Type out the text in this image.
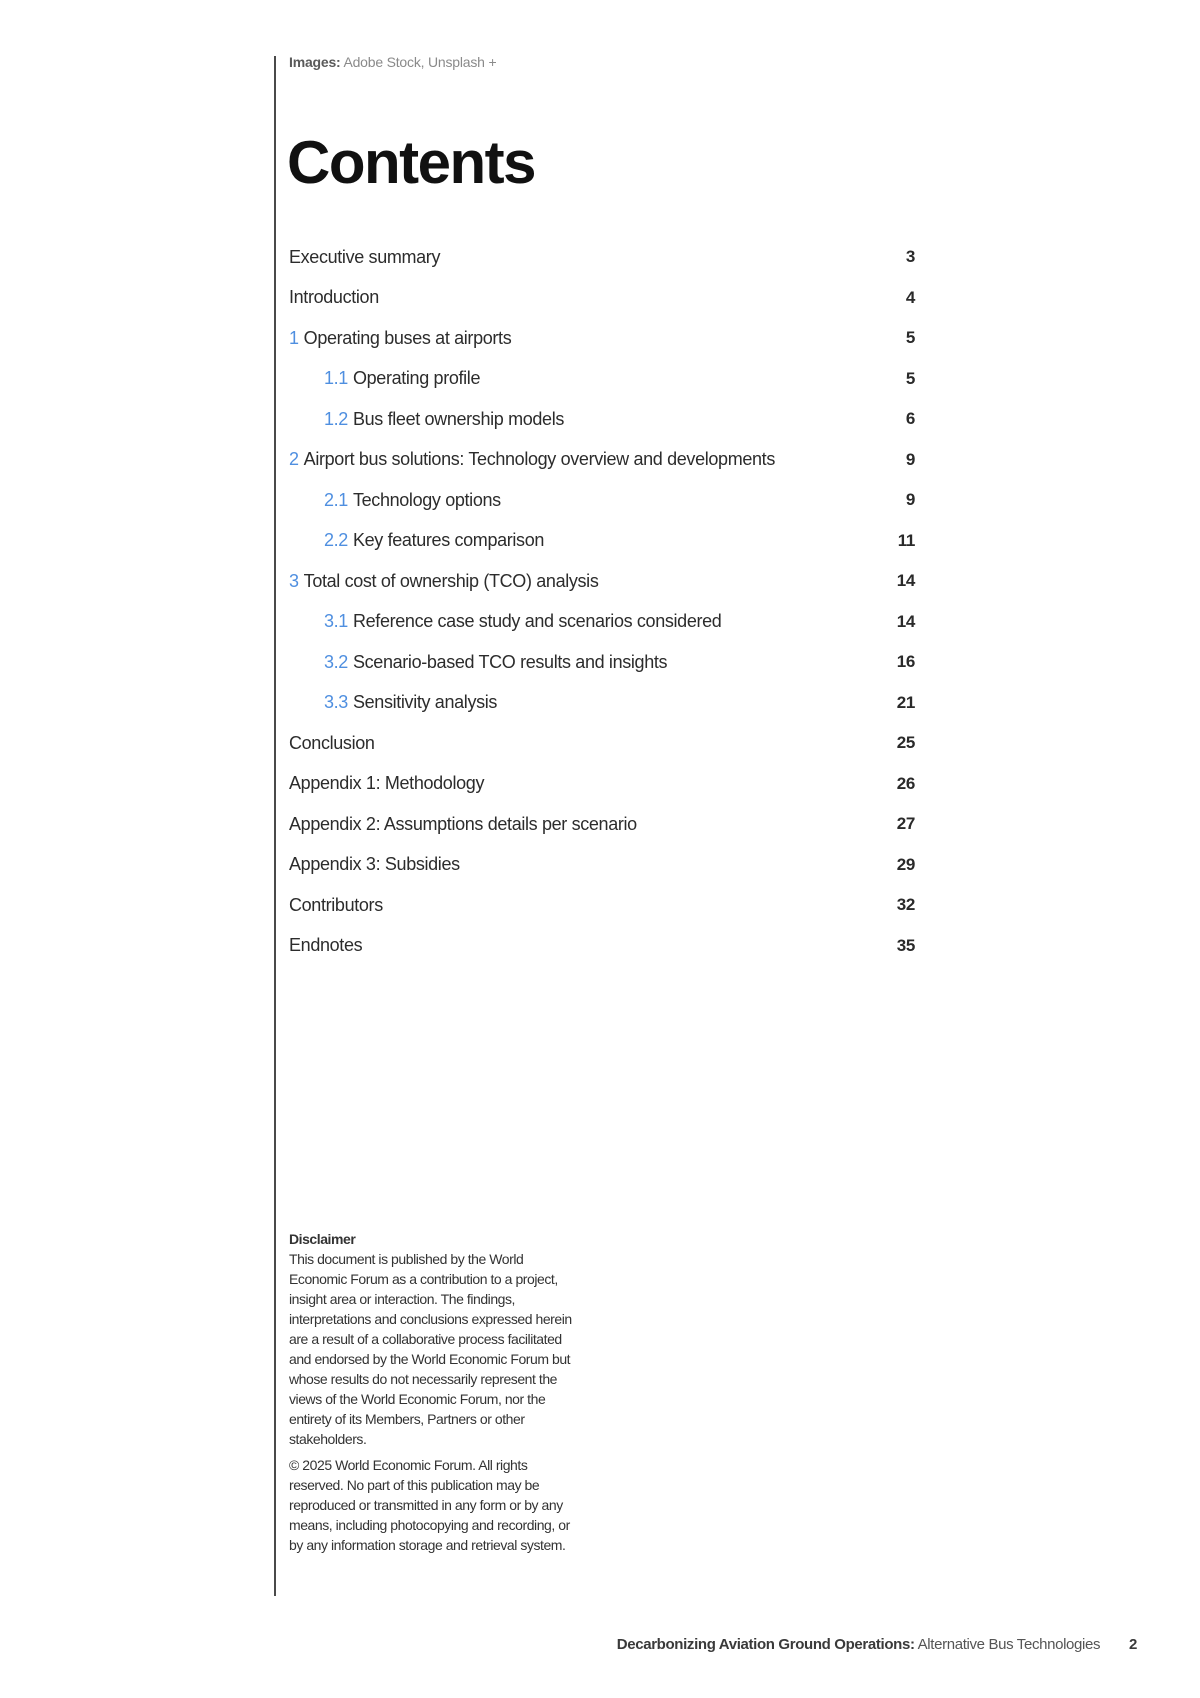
Images: Adobe Stock, Unsplash +
Contents
Executive summary	3
Introduction	4
1 Operating buses at airports	5
1.1 Operating profile	5
1.2 Bus fleet ownership models	6
2 Airport bus solutions: Technology overview and developments	9
2.1 Technology options	9
2.2 Key features comparison	11
3 Total cost of ownership (TCO) analysis	14
3.1 Reference case study and scenarios considered	14
3.2 Scenario-based TCO results and insights	16
3.3 Sensitivity analysis	21
Conclusion	25
Appendix 1: Methodology	26
Appendix 2: Assumptions details per scenario	27
Appendix 3: Subsidies	29
Contributors	32
Endnotes	35
Disclaimer

This document is published by the World Economic Forum as a contribution to a project, insight area or interaction. The findings, interpretations and conclusions expressed herein are a result of a collaborative process facilitated and endorsed by the World Economic Forum but whose results do not necessarily represent the views of the World Economic Forum, nor the entirety of its Members, Partners or other stakeholders.

© 2025 World Economic Forum. All rights reserved. No part of this publication may be reproduced or transmitted in any form or by any means, including photocopying and recording, or by any information storage and retrieval system.

Decarbonizing Aviation Ground Operations: Alternative Bus Technologies 2
